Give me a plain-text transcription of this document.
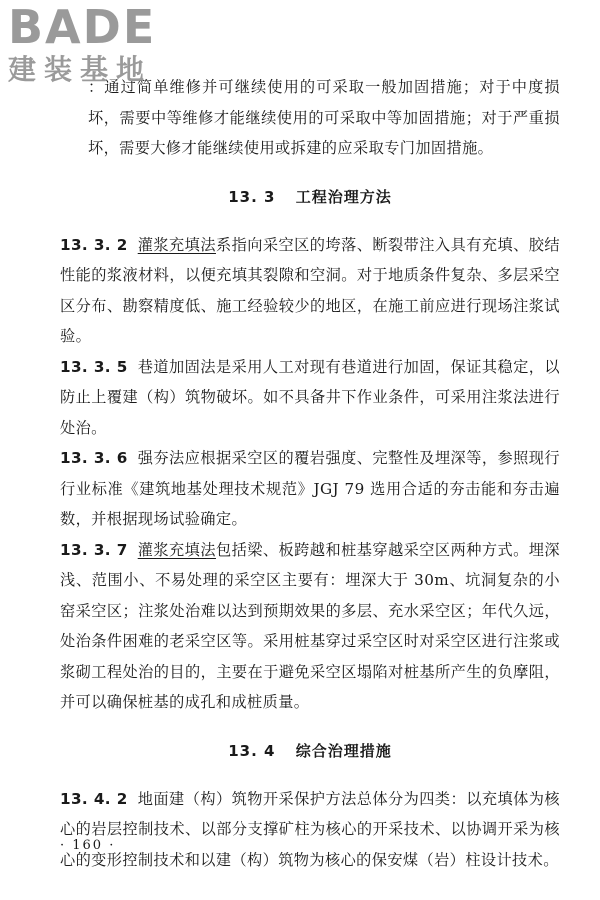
BADE
建装基地

：通过简单维修并可继续使用的可采取一般加固措施；对于中度损坏，需要中等维修才能继续使用的可采取中等加固措施；对于严重损坏，需要大修才能继续使用或拆建的应采取专门加固措施。

13. 3 工程治理方法

13. 3. 2 灌浆充填法系指向采空区的垮落、断裂带注入具有充填、胶结性能的浆液材料，以便充填其裂隙和空洞。对于地质条件复杂、多层采空区分布、勘察精度低、施工经验较少的地区，在施工前应进行现场注浆试验。

13. 3. 5 巷道加固法是采用人工对现有巷道进行加固，保证其稳定，以防止上覆建（构）筑物破坏。如不具备井下作业条件，可采用注浆法进行处治。

13. 3. 6 强夯法应根据采空区的覆岩强度、完整性及埋深等，参照现行行业标准《建筑地基处理技术规范》JGJ 79 选用合适的夯击能和夯击遍数，并根据现场试验确定。

13. 3. 7 灌浆充填法包括梁、板跨越和桩基穿越采空区两种方式。埋深浅、范围小、不易处理的采空区主要有：埋深大于 30m、坑洞复杂的小窑采空区；注浆处治难以达到预期效果的多层、充水采空区；年代久远，处治条件困难的老采空区等。采用桩基穿过采空区时对采空区进行注浆或浆砌工程处治的目的，主要在于避免采空区塌陷对桩基所产生的负摩阻，并可以确保桩基的成孔和成桩质量。

13. 4 综合治理措施

13. 4. 2 地面建（构）筑物开采保护方法总体分为四类：以充填体为核心的岩层控制技术、以部分支撑矿柱为核心的开采技术、以协调开采为核心的变形控制技术和以建（构）筑物为核心的保安煤（岩）柱设计技术。

· 160 ·
